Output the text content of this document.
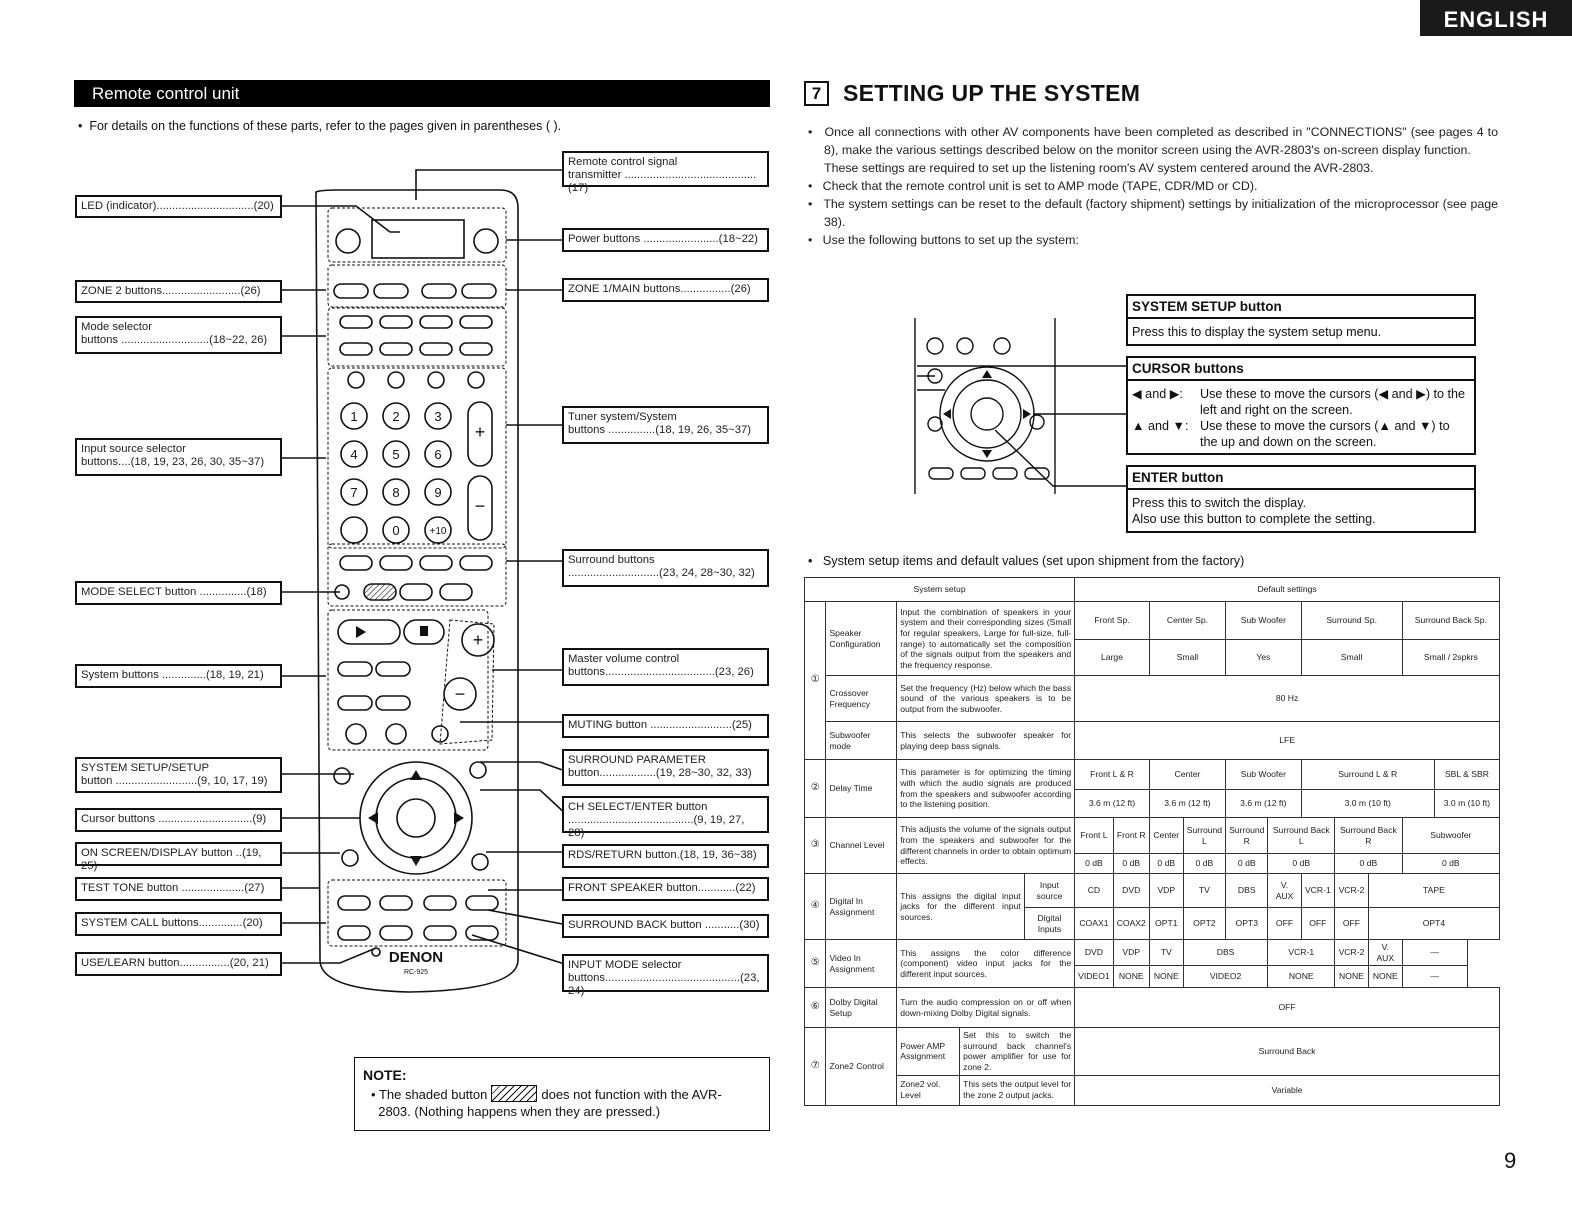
ENGLISH
Remote control unit
•  For details on the functions of these parts, refer to the pages given in parentheses ( ).
1	2	3
4	5	6
7	8	9
0	+10
+
−
+
−
DENON
RC-925
LED (indicator)...............................(20)
ZONE 2 buttons.........................(26)
Mode selector
buttons ............................(18~22, 26)
Input source selector
buttons....(18, 19, 23, 26, 30, 35~37)
MODE SELECT button ...............(18)
System buttons ..............(18, 19, 21)
SYSTEM SETUP/SETUP
button ..........................(9, 10, 17, 19)
Cursor buttons ..............................(9)
ON SCREEN/DISPLAY button ..(19, 25)
TEST TONE button ....................(27)
SYSTEM CALL buttons..............(20)
USE/LEARN button................(20, 21)
Remote control signal
transmitter ..........................................(17)
Power buttons ........................(18~22)
ZONE 1/MAIN buttons................(26)
Tuner system/System
buttons ...............(18, 19, 26, 35~37)
Surround buttons
.............................(23, 24, 28~30, 32)
Master volume control
buttons...................................(23, 26)
MUTING button ..........................(25)
SURROUND PARAMETER
button..................(19, 28~30, 32, 33)
CH SELECT/ENTER button
........................................(9, 19, 27, 28)
RDS/RETURN button.(18, 19, 36~38)
FRONT SPEAKER button............(22)
SURROUND BACK button ...........(30)
INPUT MODE selector
buttons...........................................(23, 24)
NOTE:
• The shaded button	does not function with the AVR-
2803. (Nothing happens when they are pressed.)
7 SETTING UP THE SYSTEM

•   Once all connections with other AV components have been completed as described in "CONNECTIONS" (see pages 4 to 8), make the various settings described below on the monitor screen using the AVR-2803's on-screen display function.

These settings are required to set up the listening room's AV system centered around the AVR-2803.

•   Check that the remote control unit is set to AMP mode (TAPE, CDR/MD or CD).

•   The system settings can be reset to the default (factory shipment) settings by initialization of the microprocessor (see page 38).

•   Use the following buttons to set up the system:

SYSTEM SETUP button
Press this to display the system setup menu.
CURSOR buttons
◀ and ▶:	Use these to move the cursors (◀ and ▶) to the left and right on the screen.
▲ and ▼: Use these to move the cursors (▲ and ▼) to the up and down on the screen.
ENTER button
Press this to switch the display.
Also use this button to complete the setting.
•   System setup items and default values (set upon shipment from the factory)
System setup					Default settings										
①	Speaker Configuration	Input the combination of speakers in your system and their corresponding sizes (Small for regular speakers, Large for full-size, full-range) to automatically set the composition of the signals output from the speakers and the frequency response.			Front Sp.		Center Sp.		Sub Woofer		Surround Sp.			Surround Back Sp.	
					Large		Small		Yes		Small			Small / 2spkrs	
	Crossover Frequency	Set the frequency (Hz) below which the bass sound of the various speakers is to be output from the subwoofer.			80 Hz										
	Subwoofer mode	This selects the subwoofer speaker for playing deep bass signals.			LFE										
②	Delay Time	This parameter is for optimizing the timing with which the audio signals are produced from the speakers and subwoofer according to the listening position.			Front L & R		Center		Sub Woofer		Surround L & R				SBL & SBR
					3.6 m (12 ft)		3.6 m (12 ft)		3.6 m (12 ft)		3.0 m (10 ft)				3.0 m (10 ft)
③	Channel Level	This adjusts the volume of the signals output from the speakers and subwoofer for the different channels in order to obtain optimum effects.			Front L	Front R	Center	Surround L	Surround R	Surround Back L		Surround Back R		Subwoofer	
					0 dB	0 dB	0 dB	0 dB	0 dB	0 dB		0 dB		0 dB	
④	Digital In Assignment	This assigns the digital input jacks for the different input sources.		Input source	CD	DVD	VDP	TV	DBS	V. AUX	VCR-1	VCR-2	TAPE		
				Digital Inputs	COAX1	COAX2	OPT1	OPT2	OPT3	OFF	OFF	OFF	OPT4		
⑤	Video In Assignment	This assigns the color difference (component) video input jacks for the different input sources.			DVD	VDP	TV	DBS		VCR-1		VCR-2	V. AUX	—	
					VIDEO1	NONE	NONE	VIDEO2		NONE		NONE	NONE	—	
⑥	Dolby Digital Setup	Turn the audio compression on or off when down-mixing Dolby Digital signals.			OFF										
⑦	Zone2 Control	Power AMP Assignment	Set this to switch the surround back channel's power amplifier for use for zone 2.		Surround Back										
		Zone2 vol. Level	This sets the output level for the zone 2 output jacks.		Variable										
9
